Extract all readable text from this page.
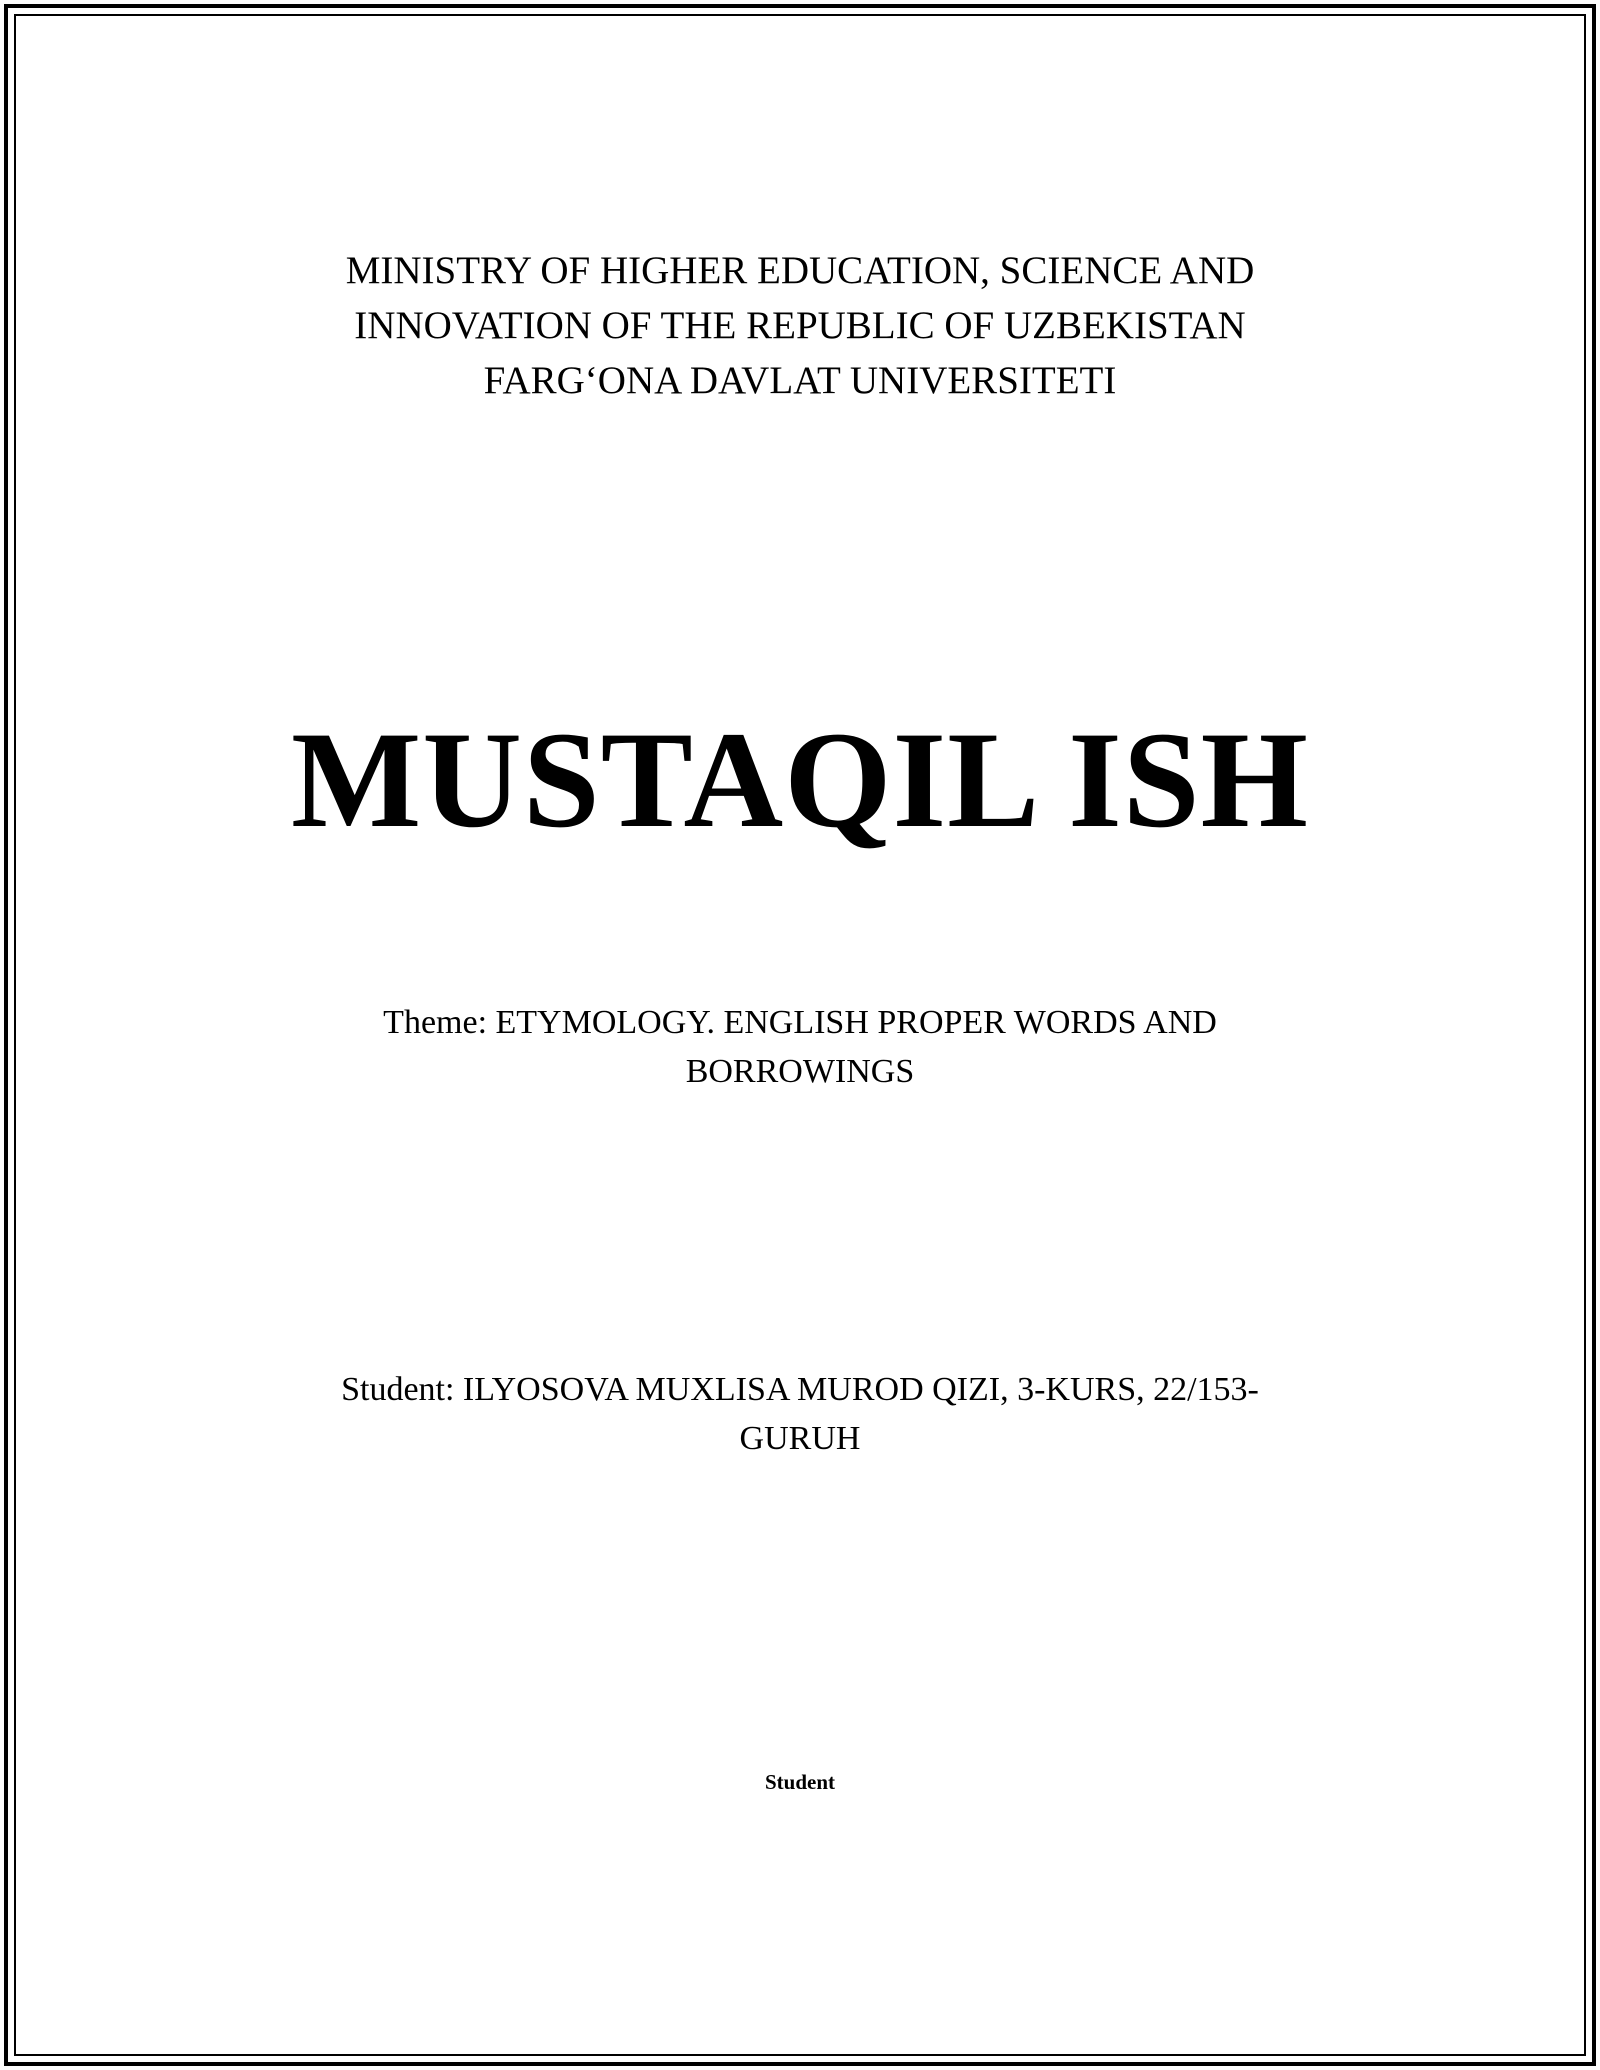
MINISTRY OF HIGHER EDUCATION, SCIENCE AND
INNOVATION OF THE REPUBLIC OF UZBEKISTAN
FARG‘ONA DAVLAT UNIVERSITETI
MUSTAQIL ISH
Theme: ETYMOLOGY. ENGLISH PROPER WORDS AND
BORROWINGS
Student: ILYOSOVA MUXLISA MUROD QIZI, 3-KURS, 22/153-
GURUH
Student
